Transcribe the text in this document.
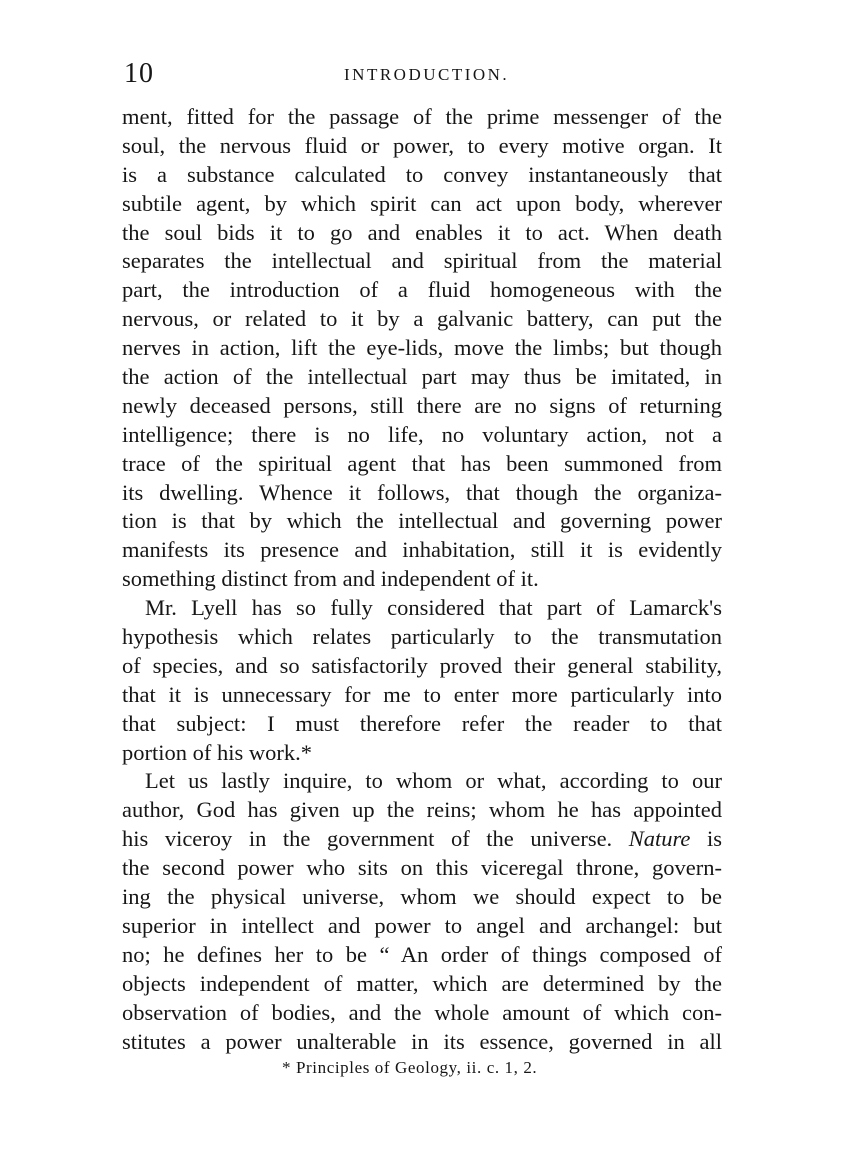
10	INTRODUCTION.
ment, fitted for the passage of the prime messenger of the
soul, the nervous fluid or power, to every motive organ. It
is a substance calculated to convey instantaneously that
subtile agent, by which spirit can act upon body, wherever
the soul bids it to go and enables it to act. When death
separates the intellectual and spiritual from the material
part, the introduction of a fluid homogeneous with the
nervous, or related to it by a galvanic battery, can put the
nerves in action, lift the eye-lids, move the limbs; but though
the action of the intellectual part may thus be imitated, in
newly deceased persons, still there are no signs of returning
intelligence; there is no life, no voluntary action, not a
trace of the spiritual agent that has been summoned from
its dwelling. Whence it follows, that though the organiza-
tion is that by which the intellectual and governing power
manifests its presence and inhabitation, still it is evidently
something distinct from and independent of it.
Mr. Lyell has so fully considered that part of Lamarck's
hypothesis which relates particularly to the transmutation
of species, and so satisfactorily proved their general stability,
that it is unnecessary for me to enter more particularly into
that subject: I must therefore refer the reader to that
portion of his work.*
Let us lastly inquire, to whom or what, according to our
author, God has given up the reins; whom he has appointed
his viceroy in the government of the universe. Nature is
the second power who sits on this viceregal throne, govern-
ing the physical universe, whom we should expect to be
superior in intellect and power to angel and archangel: but
no; he defines her to be “ An order of things composed of
objects independent of matter, which are determined by the
observation of bodies, and the whole amount of which con-
stitutes a power unalterable in its essence, governed in all
* Principles of Geology, ii. c. 1, 2.
